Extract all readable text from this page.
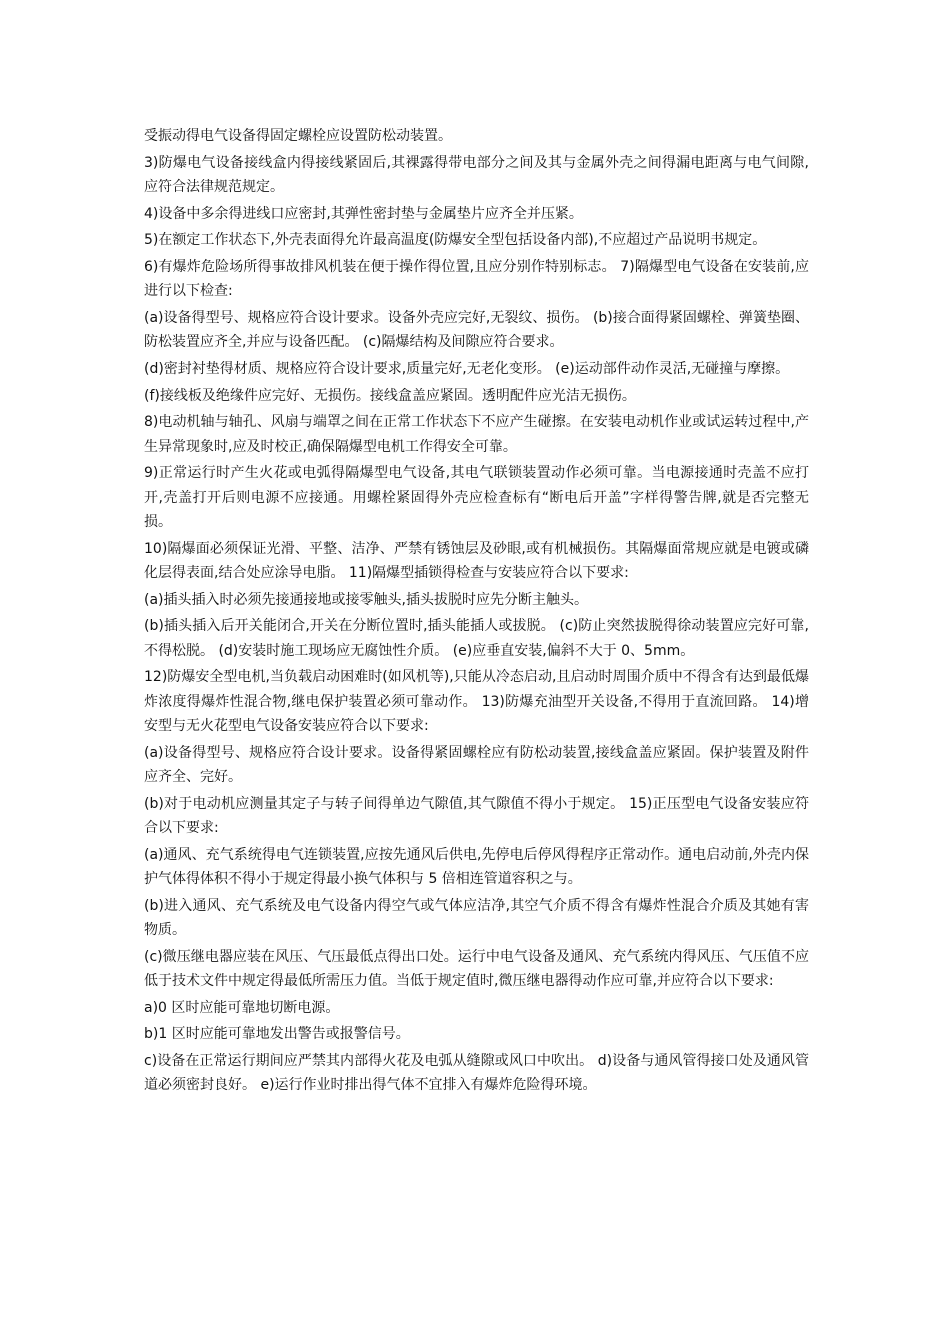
受振动得电气设备得固定螺栓应设置防松动装置。

3)防爆电气设备接线盒内得接线紧固后,其裸露得带电部分之间及其与金属外壳之间得漏电距离与电气间隙,应符合法律规范规定。

4)设备中多余得进线口应密封,其弹性密封垫与金属垫片应齐全并压紧。

5)在额定工作状态下,外壳表面得允许最高温度(防爆安全型包括设备内部),不应超过产品说明书规定。

6)有爆炸危险场所得事故排风机装在便于操作得位置,且应分别作特别标志。 7)隔爆型电气设备在安装前,应进行以下检查:

(a)设备得型号、规格应符合设计要求。设备外壳应完好,无裂纹、损伤。 (b)接合面得紧固螺栓、弹簧垫圈、防松装置应齐全,并应与设备匹配。 (c)隔爆结构及间隙应符合要求。

(d)密封衬垫得材质、规格应符合设计要求,质量完好,无老化变形。 (e)运动部件动作灵活,无碰撞与摩擦。

(f)接线板及绝缘件应完好、无损伤。接线盒盖应紧固。透明配件应光洁无损伤。

8)电动机轴与轴孔、风扇与端罩之间在正常工作状态下不应产生碰擦。在安装电动机作业或试运转过程中,产生异常现象时,应及时校正,确保隔爆型电机工作得安全可靠。

9)正常运行时产生火花或电弧得隔爆型电气设备,其电气联锁装置动作必须可靠。当电源接通时壳盖不应打开,壳盖打开后则电源不应接通。用螺栓紧固得外壳应检查标有“断电后开盖”字样得警告牌,就是否完整无损。

10)隔爆面必须保证光滑、平整、洁净、严禁有锈蚀层及砂眼,或有机械损伤。其隔爆面常规应就是电镀或磷化层得表面,结合处应涂导电脂。 11)隔爆型插锁得检查与安装应符合以下要求:

(a)插头插入时必须先接通接地或接零触头,插头拔脱时应先分断主触头。

(b)插头插入后开关能闭合,开关在分断位置时,插头能插人或拔脱。 (c)防止突然拔脱得徐动装置应完好可靠,不得松脱。 (d)安装时施工现场应无腐蚀性介质。 (e)应垂直安装,偏斜不大于 0、5mm。

12)防爆安全型电机,当负载启动困难时(如风机等),只能从冷态启动,且启动时周围介质中不得含有达到最低爆炸浓度得爆炸性混合物,继电保护装置必须可靠动作。 13)防爆充油型开关设备,不得用于直流回路。 14)增安型与无火花型电气设备安装应符合以下要求:

(a)设备得型号、规格应符合设计要求。设备得紧固螺栓应有防松动装置,接线盒盖应紧固。保护装置及附件应齐全、完好。

(b)对于电动机应测量其定子与转子间得单边气隙值,其气隙值不得小于规定。 15)正压型电气设备安装应符合以下要求:

(a)通风、充气系统得电气连锁装置,应按先通风后供电,先停电后停风得程序正常动作。通电启动前,外壳内保护气体得体积不得小于规定得最小换气体积与 5 倍相连管道容积之与。

(b)进入通风、充气系统及电气设备内得空气或气体应洁净,其空气介质不得含有爆炸性混合介质及其她有害物质。

(c)微压继电器应装在风压、气压最低点得出口处。运行中电气设备及通风、充气系统内得风压、气压值不应低于技术文件中规定得最低所需压力值。当低于规定值时,微压继电器得动作应可靠,并应符合以下要求:

a)0 区时应能可靠地切断电源。

b)1 区时应能可靠地发出警告或报警信号。

c)设备在正常运行期间应严禁其内部得火花及电弧从缝隙或风口中吹出。 d)设备与通风管得接口处及通风管道必须密封良好。 e)运行作业时排出得气体不宜排入有爆炸危险得环境。
